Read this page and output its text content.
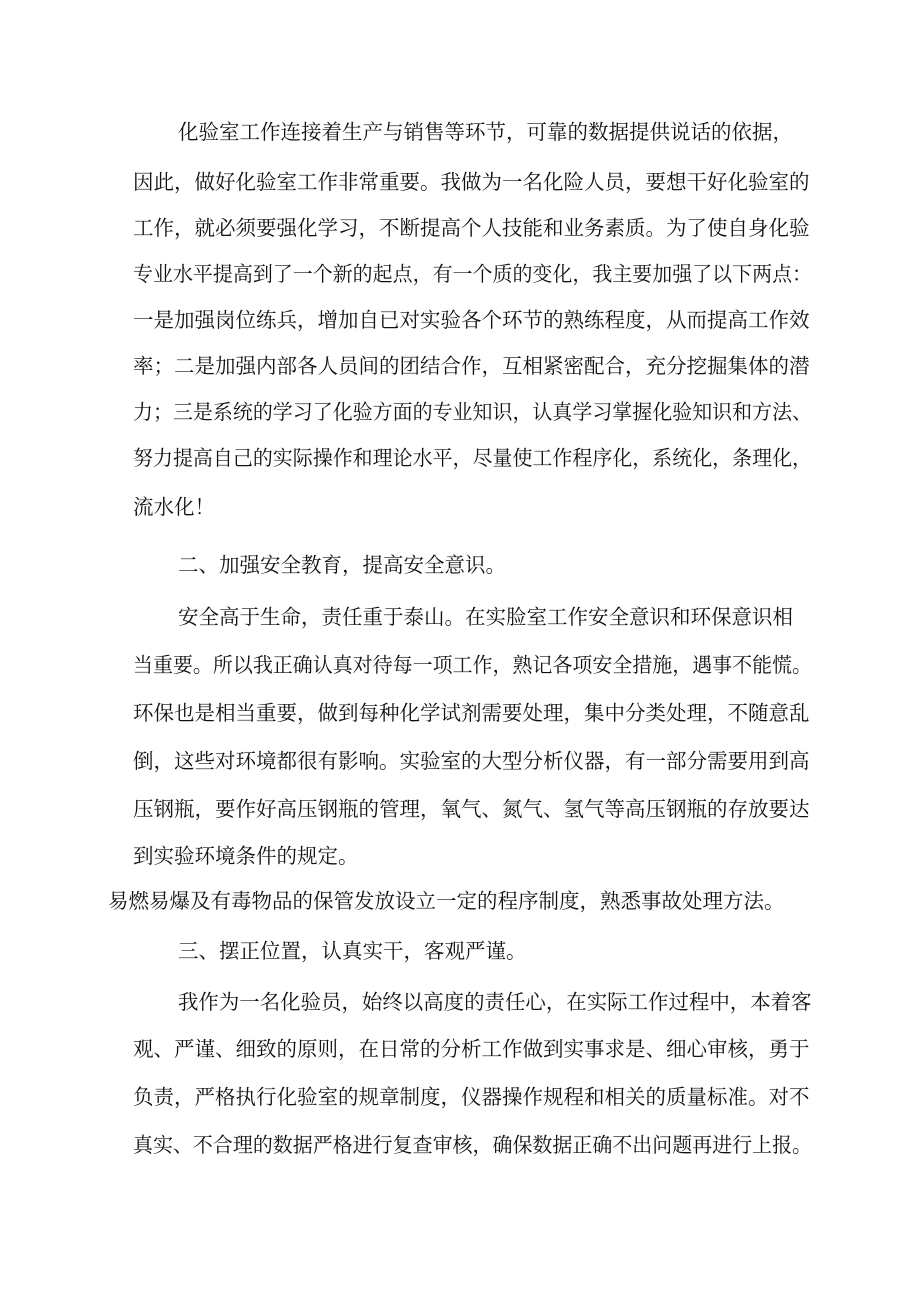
化验室工作连接着生产与销售等环节，可靠的数据提供说话的依据，
因此，做好化验室工作非常重要。我做为一名化险人员，要想干好化验室的
工作，就必须要强化学习，不断提高个人技能和业务素质。为了使自身化验
专业水平提高到了一个新的起点，有一个质的变化，我主要加强了以下两点：
一是加强岗位练兵，增加自已对实验各个环节的熟练程度，从而提高工作效
率；二是加强内部各人员间的团结合作，互相紧密配合，充分挖掘集体的潜
力；三是系统的学习了化验方面的专业知识，认真学习掌握化验知识和方法、
努力提高自己的实际操作和理论水平，尽量使工作程序化，系统化，条理化，
流水化！
二、加强安全教育，提高安全意识。
安全高于生命，责任重于泰山。在实脸室工作安全意识和环保意识相
当重要。所以我正确认真对待每一项工作，熟记各项安全措施，遇事不能慌。
环保也是相当重要，做到每种化学试剂需要处理，集中分类处理，不随意乱
倒，这些对环境都很有影响。实验室的大型分析仪器，有一部分需要用到高
压钢瓶，要作好高压钢瓶的管理，氧气、氮气、氢气等高压钢瓶的存放要达
到实验环境条件的规定。
易燃易爆及有毒物品的保管发放设立一定的程序制度，熟悉事故处理方法。
三、摆正位置，认真实干，客观严谨。
我作为一名化验员，始终以高度的责任心，在实际工作过程中，本着客
观、严谨、细致的原则，在日常的分析工作做到实事求是、细心审核，勇于
负责，严格执行化验室的规章制度，仪器操作规程和相关的质量标准。对不
真实、不合理的数据严格进行复查审核，确保数据正确不出问题再进行上报。
